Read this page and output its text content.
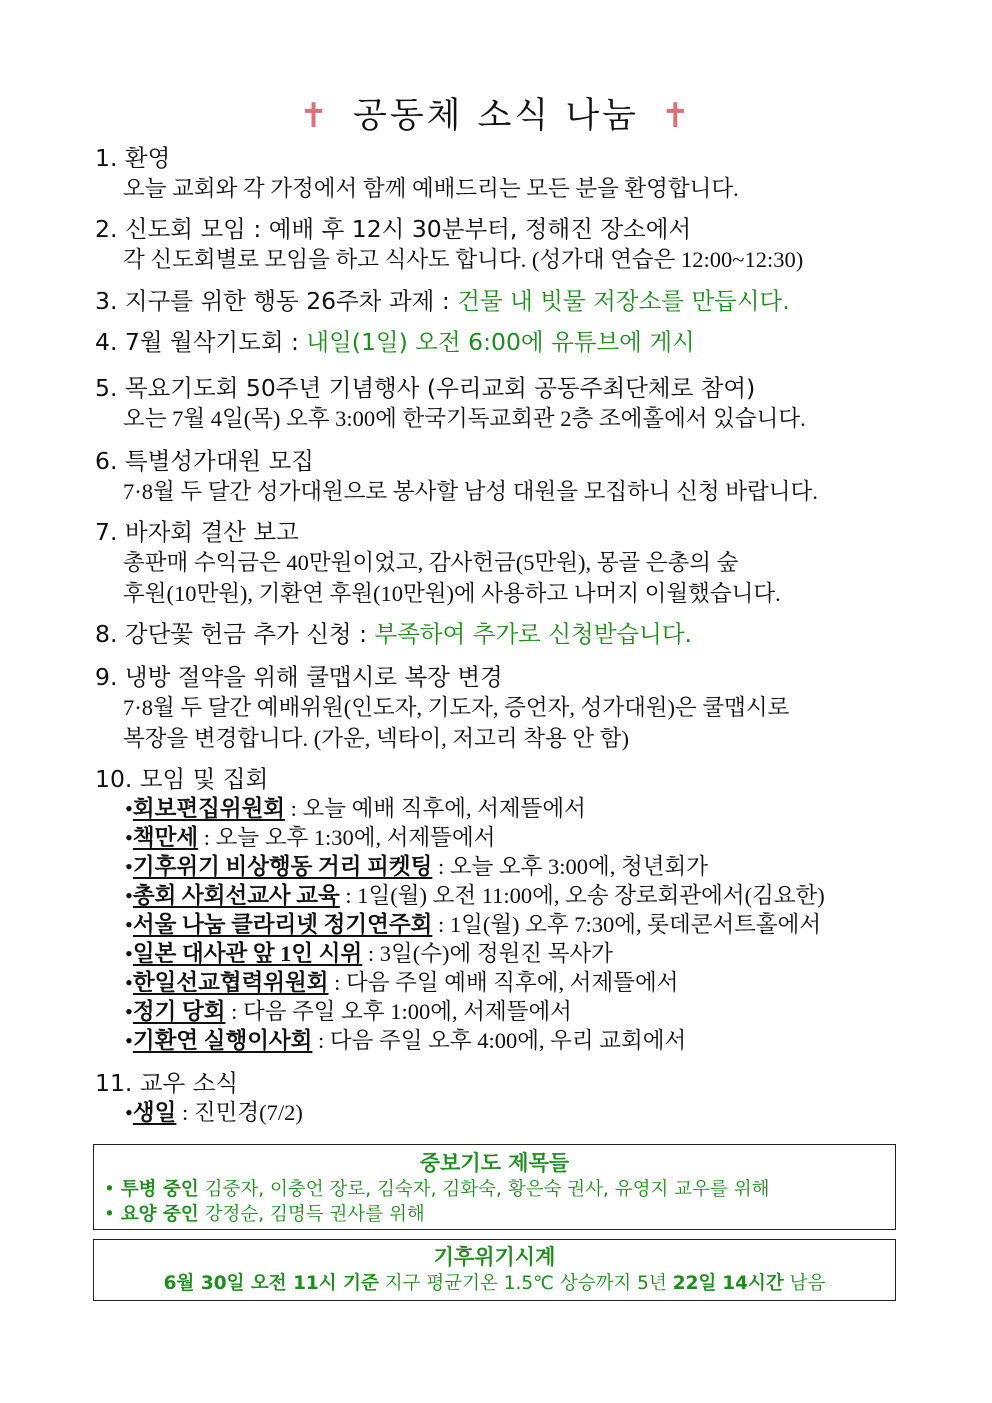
✝ 공동체 소식 나눔 ✝
1. 환영
오늘 교회와 각 가정에서 함께 예배드리는 모든 분을 환영합니다.
2. 신도회 모임 : 예배 후 12시 30분부터, 정해진 장소에서
각 신도회별로 모임을 하고 식사도 합니다. (성가대 연습은 12:00~12:30)
3. 지구를 위한 행동 26주차 과제 : 건물 내 빗물 저장소를 만듭시다.
4. 7월 월삭기도회 : 내일(1일) 오전 6:00에 유튜브에 게시
5. 목요기도회 50주년 기념행사 (우리교회 공동주최단체로 참여)
오는 7월 4일(목) 오후 3:00에 한국기독교회관 2층 조에홀에서 있습니다.
6. 특별성가대원 모집
7·8월 두 달간 성가대원으로 봉사할 남성 대원을 모집하니 신청 바랍니다.
7. 바자회 결산 보고
총판매 수익금은 40만원이었고, 감사헌금(5만원), 몽골 은총의 숲
후원(10만원), 기환연 후원(10만원)에 사용하고 나머지 이월했습니다.
8. 강단꽃 헌금 추가 신청 : 부족하여 추가로 신청받습니다.
9. 냉방 절약을 위해 쿨맵시로 복장 변경
7·8월 두 달간 예배위원(인도자, 기도자, 증언자, 성가대원)은 쿨맵시로
복장을 변경합니다. (가운, 넥타이, 저고리 착용 안 함)
10. 모임 및 집회
•회보편집위원회 : 오늘 예배 직후에, 서제뜰에서
•책만세 : 오늘 오후 1:30에, 서제뜰에서
•기후위기 비상행동 거리 피켓팅 : 오늘 오후 3:00에, 청년회가
•총회 사회선교사 교육 : 1일(월) 오전 11:00에, 오송 장로회관에서(김요한)
•서울 나눔 클라리넷 정기연주회 : 1일(월) 오후 7:30에, 롯데콘서트홀에서
•일본 대사관 앞 1인 시위 : 3일(수)에 정원진 목사가
•한일선교협력위원회 : 다음 주일 예배 직후에, 서제뜰에서
•정기 당회 : 다음 주일 오후 1:00에, 서제뜰에서
•기환연 실행이사회 : 다음 주일 오후 4:00에, 우리 교회에서
11. 교우 소식
•생일 : 진민경(7/2)
중보기도 제목들
• 투병 중인 김중자, 이충언 장로, 김숙자, 김화숙, 황은숙 권사, 유영지 교우를 위해
• 요양 중인 강정순, 김명득 권사를 위해
기후위기시계
6월 30일 오전 11시 기준 지구 평균기온 1.5℃ 상승까지 5년 22일 14시간 남음
